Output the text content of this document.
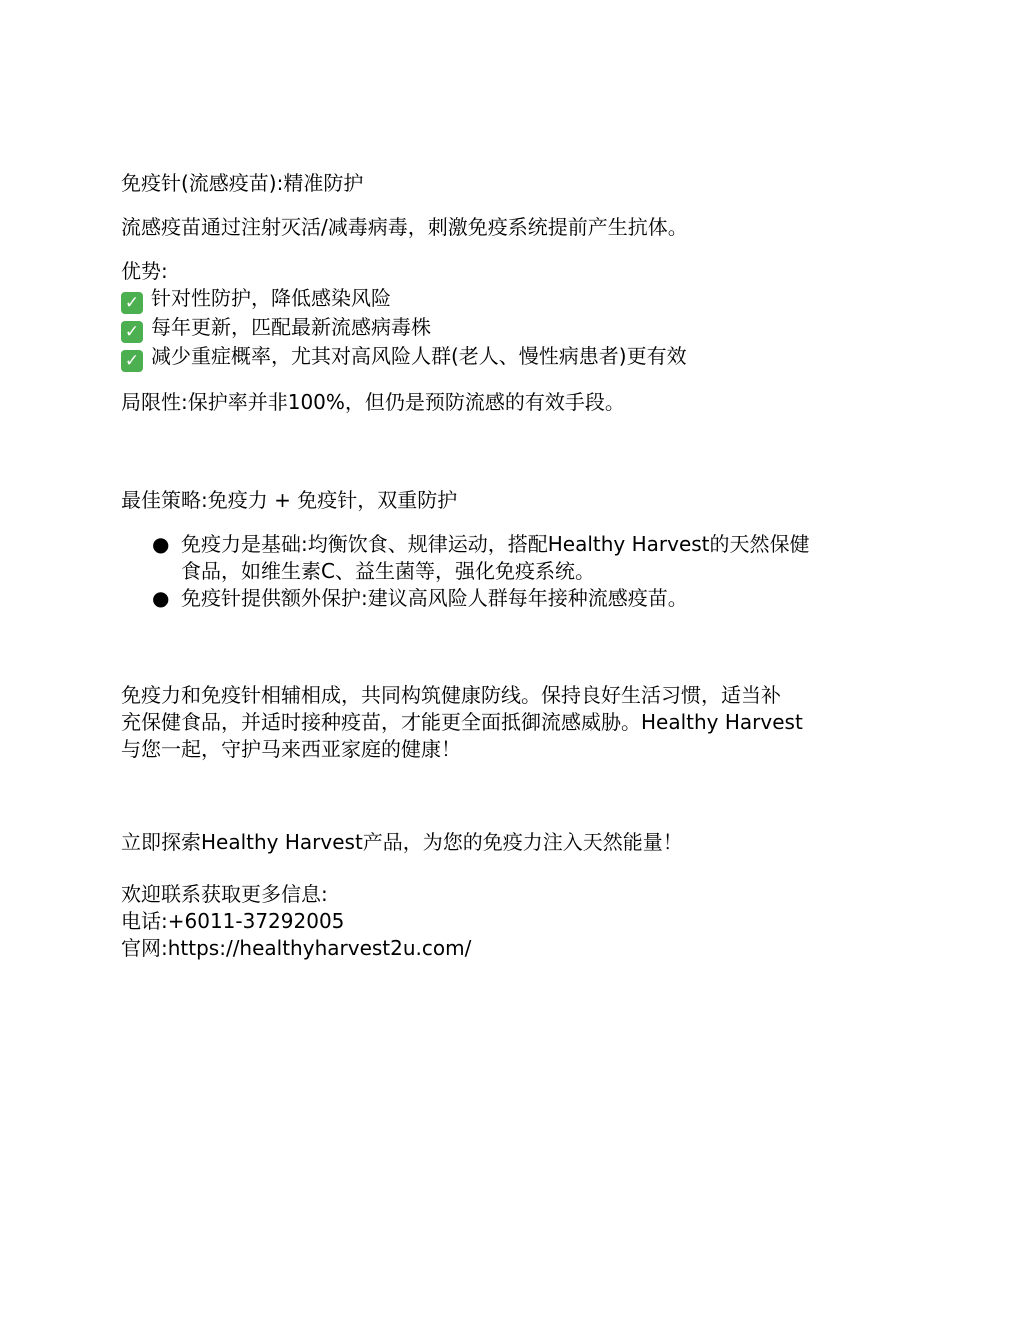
免疫针(流感疫苗):精准防护
流感疫苗通过注射灭活/减毒病毒，刺激免疫系统提前产生抗体。
优势:
✓ 针对性防护，降低感染风险
✓ 每年更新，匹配最新流感病毒株
✓ 减少重症概率，尤其对高风险人群(老人、慢性病患者)更有效
局限性:保护率并非100%，但仍是预防流感的有效手段。
最佳策略:免疫力 + 免疫针，双重防护
● 免疫力是基础:均衡饮食、规律运动，搭配Healthy Harvest的天然保健
食品，如维生素C、益生菌等，强化免疫系统。
● 免疫针提供额外保护:建议高风险人群每年接种流感疫苗。
免疫力和免疫针相辅相成，共同构筑健康防线。保持良好生活习惯，适当补
充保健食品，并适时接种疫苗，才能更全面抵御流感威胁。Healthy Harvest
与您一起，守护马来西亚家庭的健康！
立即探索Healthy Harvest产品，为您的免疫力注入天然能量！
欢迎联系获取更多信息:
电话:+6011-37292005
官网:https://healthyharvest2u.com/
